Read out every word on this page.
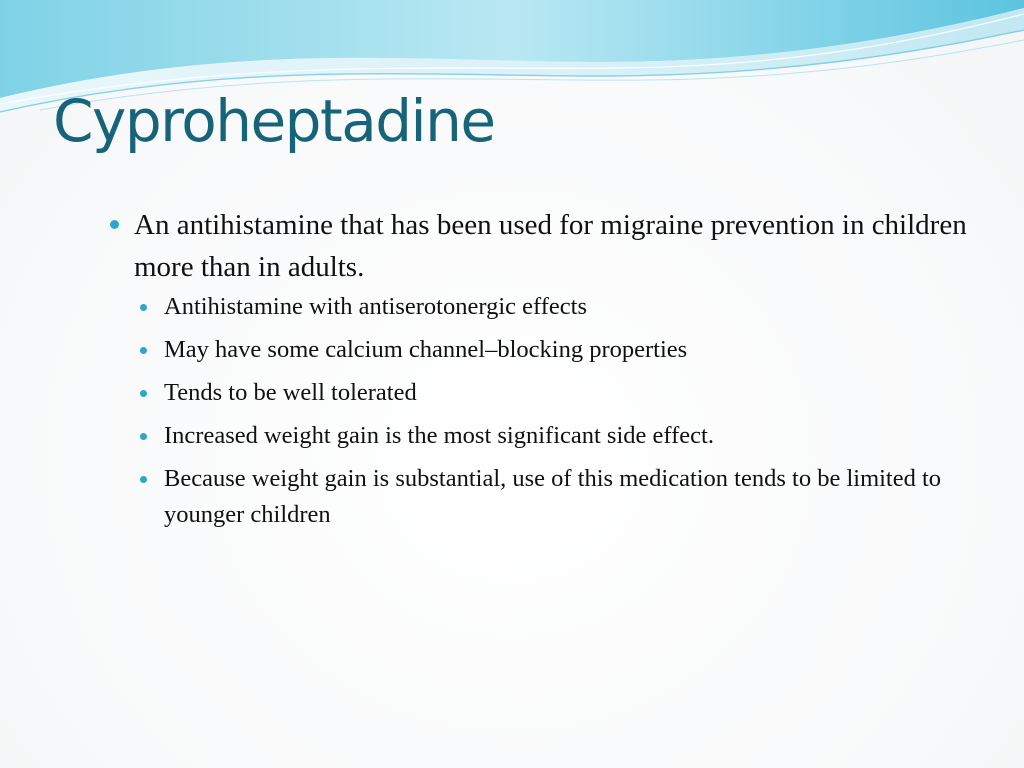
Cyproheptadine
An antihistamine that has been used for migraine prevention in children more than in adults.
Antihistamine with antiserotonergic effects
May have some calcium channel–blocking properties
Tends to be well tolerated
Increased weight gain is the most significant side effect.
Because weight gain is substantial, use of this medication tends to be limited to younger children
